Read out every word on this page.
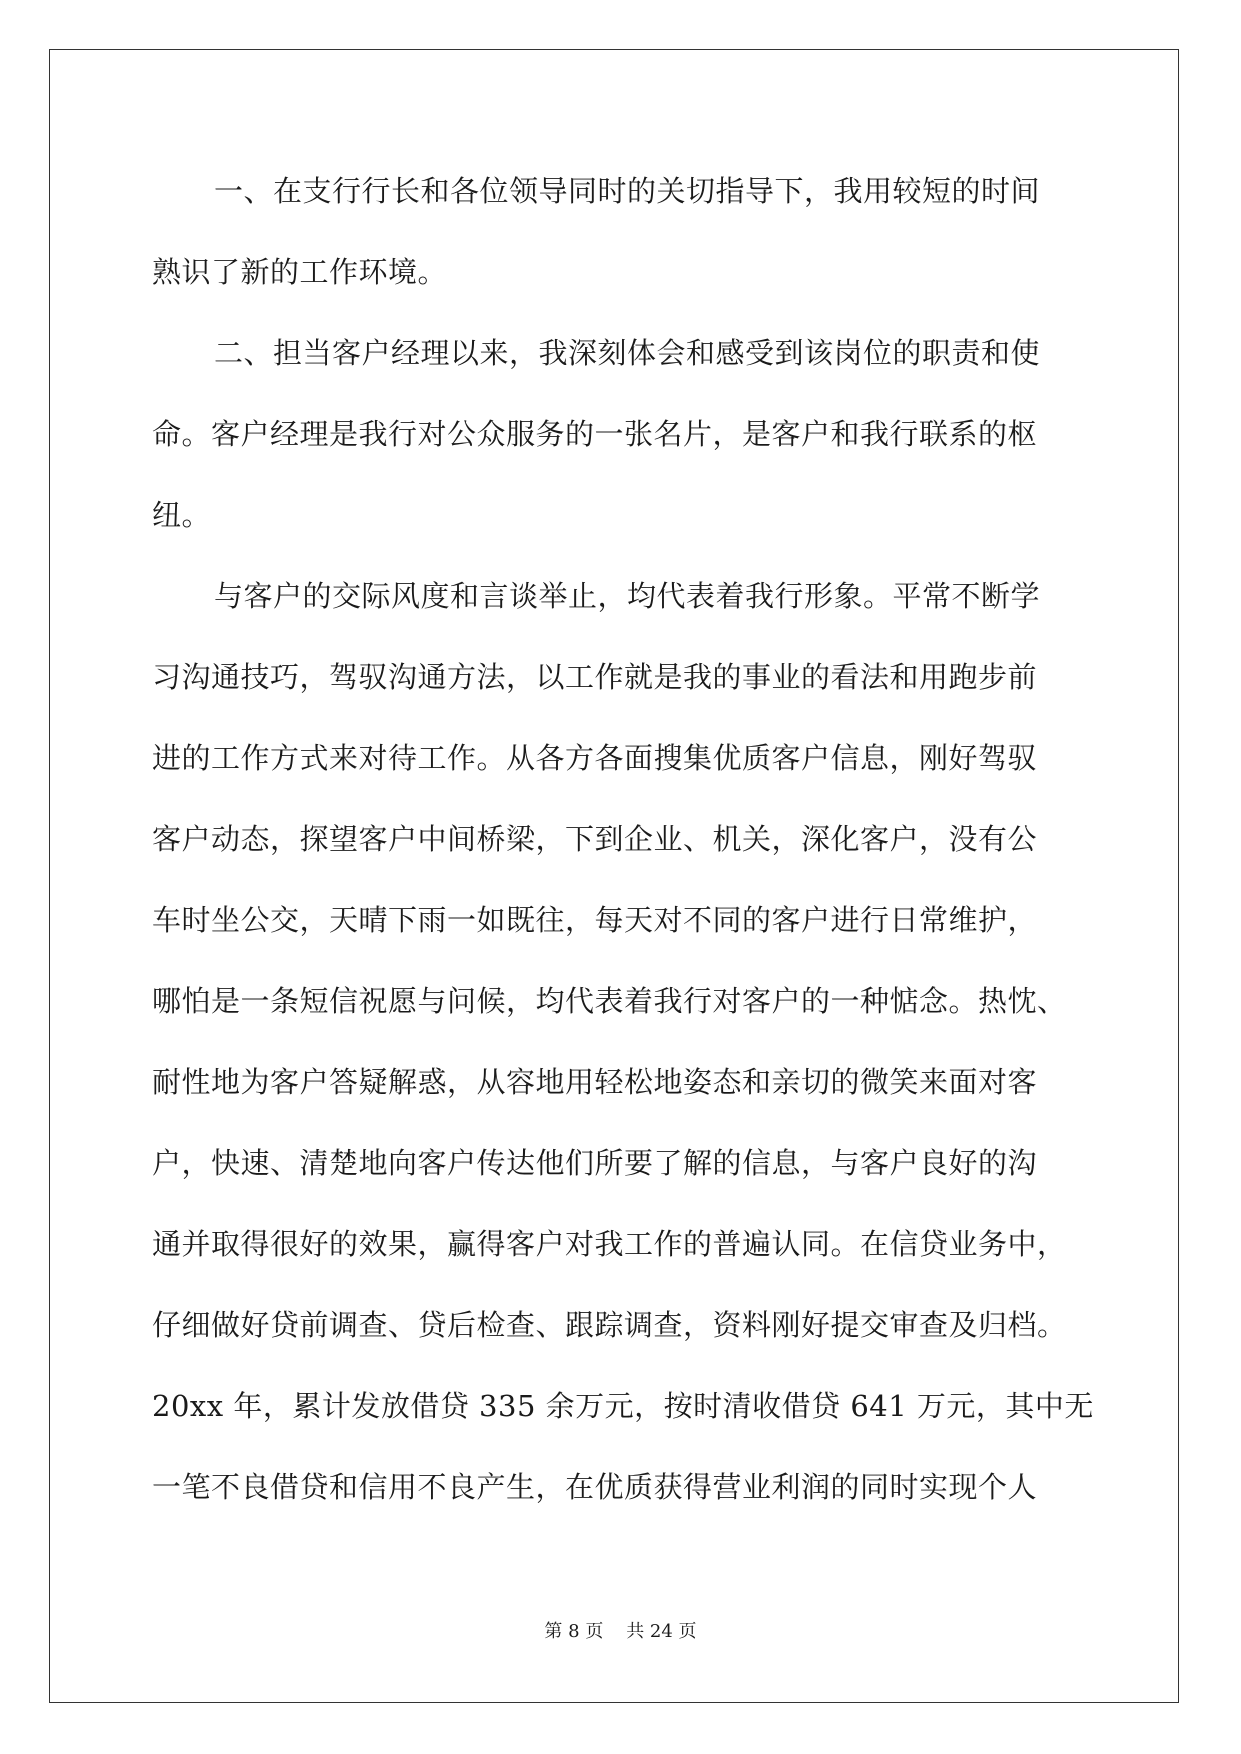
一、在支行行长和各位领导同时的关切指导下，我用较短的时间
熟识了新的工作环境。
二、担当客户经理以来，我深刻体会和感受到该岗位的职责和使
命。客户经理是我行对公众服务的一张名片，是客户和我行联系的枢
纽。
与客户的交际风度和言谈举止，均代表着我行形象。平常不断学
习沟通技巧，驾驭沟通方法，以工作就是我的事业的看法和用跑步前
进的工作方式来对待工作。从各方各面搜集优质客户信息，刚好驾驭
客户动态，探望客户中间桥梁，下到企业、机关，深化客户，没有公
车时坐公交，天晴下雨一如既往，每天对不同的客户进行日常维护，
哪怕是一条短信祝愿与问候，均代表着我行对客户的一种惦念。热忱、
耐性地为客户答疑解惑，从容地用轻松地姿态和亲切的微笑来面对客
户，快速、清楚地向客户传达他们所要了解的信息，与客户良好的沟
通并取得很好的效果，赢得客户对我工作的普遍认同。在信贷业务中，
仔细做好贷前调查、贷后检查、跟踪调查，资料刚好提交审查及归档。
20xx 年，累计发放借贷 335 余万元，按时清收借贷 641 万元，其中无
一笔不良借贷和信用不良产生，在优质获得营业利润的同时实现个人
第 8 页    共 24 页
